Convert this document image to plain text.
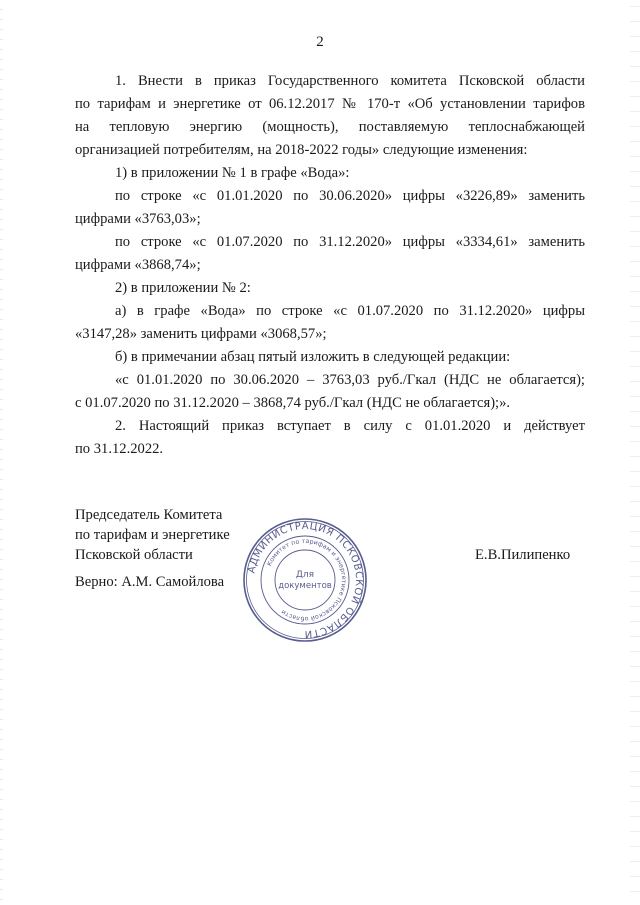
2

1. Внести в приказ Государственного комитета Псковской области
по тарифам и энергетике от 06.12.2017 № 170-т «Об установлении тарифов
на тепловую энергию (мощность), поставляемую теплоснабжающей
организацией потребителям, на 2018-2022 годы» следующие изменения:

1) в приложении № 1 в графе «Вода»:

по строке «с 01.01.2020 по 30.06.2020» цифры «3226,89» заменить
цифрами «3763,03»;

по строке «с 01.07.2020 по 31.12.2020» цифры «3334,61» заменить
цифрами «3868,74»;

2) в приложении № 2:

а) в графе «Вода» по строке «с 01.07.2020 по 31.12.2020» цифры
«3147,28» заменить цифрами «3068,57»;

б) в примечании абзац пятый изложить в следующей редакции:

«с 01.01.2020 по 30.06.2020 – 3763,03 руб./Гкал (НДС не облагается);
с 01.07.2020 по 31.12.2020 – 3868,74 руб./Гкал (НДС не облагается);».

2. Настоящий приказ вступает в силу с 01.01.2020 и действует
по 31.12.2022.

Председатель Комитета
по тарифам и энергетике
Псковской области
Верно: А.М. Самойлова
Е.В.Пилипенко
АДМИНИСТРАЦИЯ ПСКОВСКОЙ ОБЛАСТИ
Комитет по тарифам и энергетике Псковской области
Для
документов
